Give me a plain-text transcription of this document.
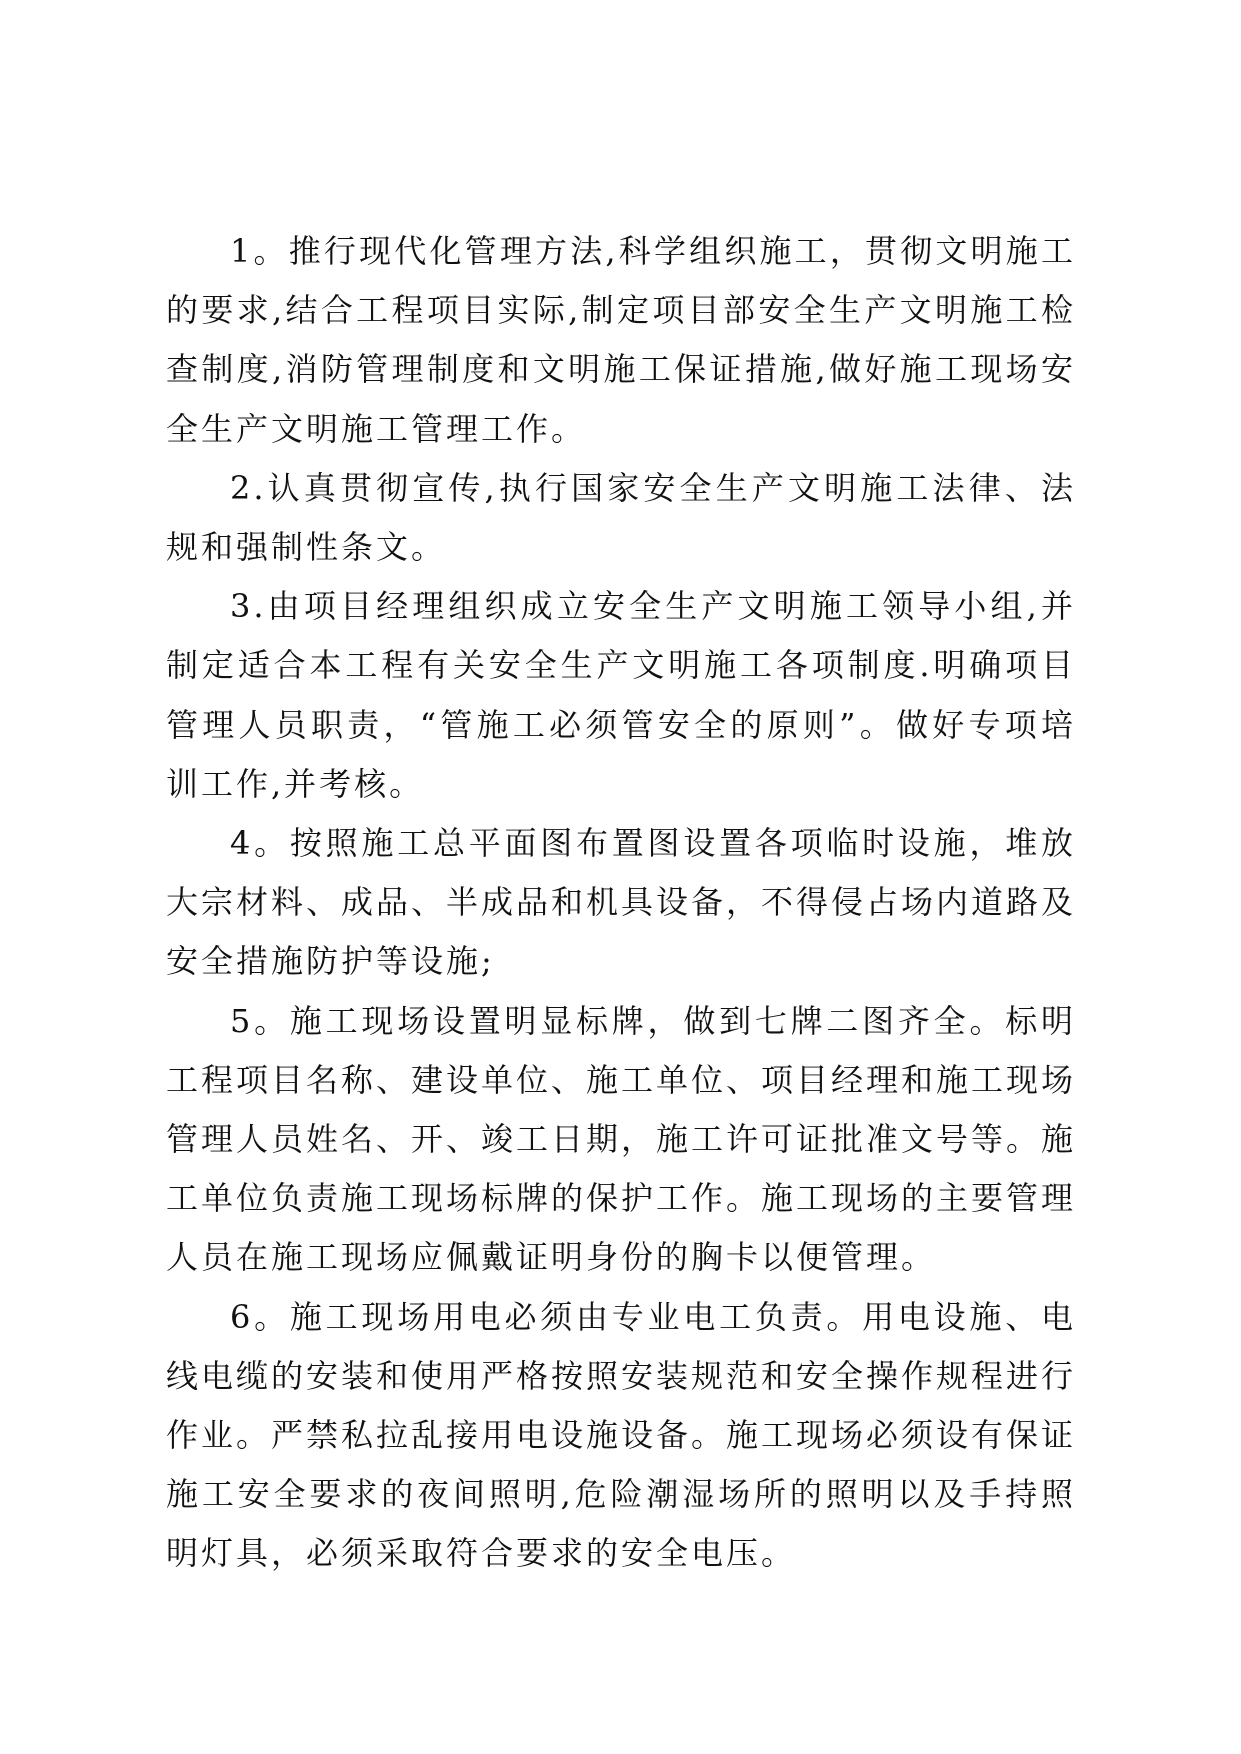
1。推行现代化管理方法,科学组织施工，贯彻文明施工的要求,结合工程项目实际,制定项目部安全生产文明施工检查制度,消防管理制度和文明施工保证措施,做好施工现场安全生产文明施工管理工作。

2.认真贯彻宣传,执行国家安全生产文明施工法律、法规和强制性条文。

3.由项目经理组织成立安全生产文明施工领导小组,并制定适合本工程有关安全生产文明施工各项制度.明确项目管理人员职责，“管施工必须管安全的原则”。做好专项培训工作,并考核。

4。按照施工总平面图布置图设置各项临时设施，堆放大宗材料、成品、半成品和机具设备，不得侵占场内道路及安全措施防护等设施;

5。施工现场设置明显标牌，做到七牌二图齐全。标明工程项目名称、建设单位、施工单位、项目经理和施工现场管理人员姓名、开、竣工日期，施工许可证批准文号等。施工单位负责施工现场标牌的保护工作。施工现场的主要管理人员在施工现场应佩戴证明身份的胸卡以便管理。

6。施工现场用电必须由专业电工负责。用电设施、电线电缆的安装和使用严格按照安装规范和安全操作规程进行作业。严禁私拉乱接用电设施设备。施工现场必须设有保证施工安全要求的夜间照明,危险潮湿场所的照明以及手持照明灯具，必须采取符合要求的安全电压。
